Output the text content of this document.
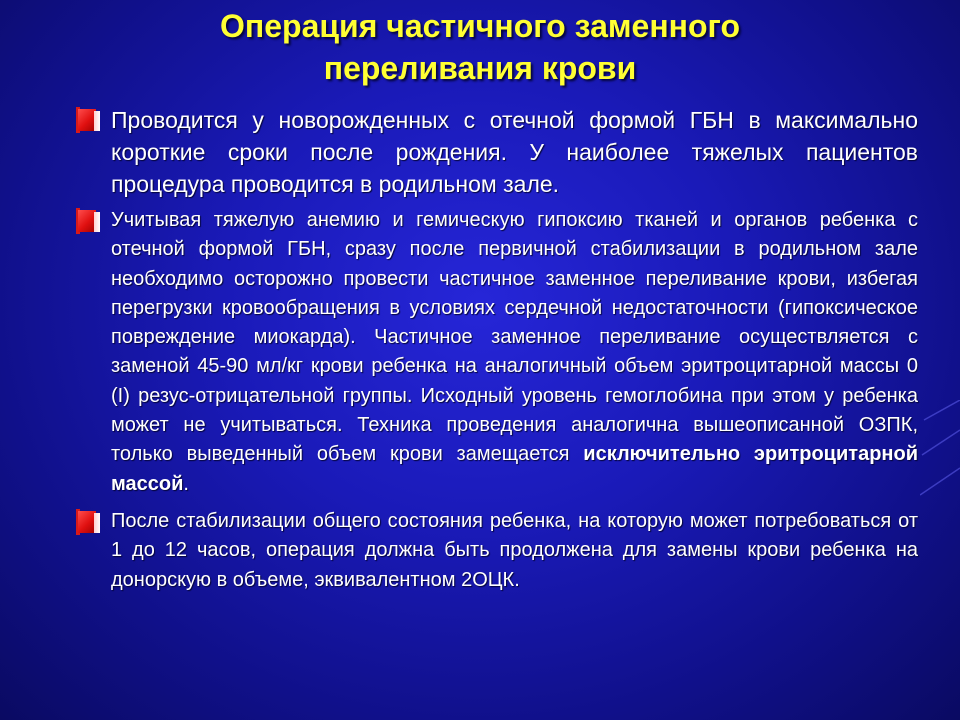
Операция частичного заменного
переливания крови
Проводится у новорожденных с отечной формой ГБН в максимально короткие сроки после рождения. У наиболее тяжелых пациентов процедура проводится в родильном зале.
Учитывая тяжелую анемию и гемическую гипоксию тканей и органов ребенка с отечной формой ГБН, сразу после первичной стабилизации в родильном зале необходимо осторожно провести частичное заменное переливание крови, избегая перегрузки кровообращения в условиях сердечной недостаточности (гипоксическое повреждение миокарда). Частичное заменное переливание осуществляется с заменой 45-90 мл/кг крови ребенка на аналогичный объем эритроцитарной массы 0 (I) резус-отрицательной группы. Исходный уровень гемоглобина при этом у ребенка может не учитываться. Техника проведения аналогична вышеописанной ОЗПК, только выведенный объем крови замещается исключительно эритроцитарной массой.
После стабилизации общего состояния ребенка, на которую может потребоваться от 1 до 12 часов, операция должна быть продолжена для замены крови ребенка на донорскую в объеме, эквивалентном 2ОЦК.
